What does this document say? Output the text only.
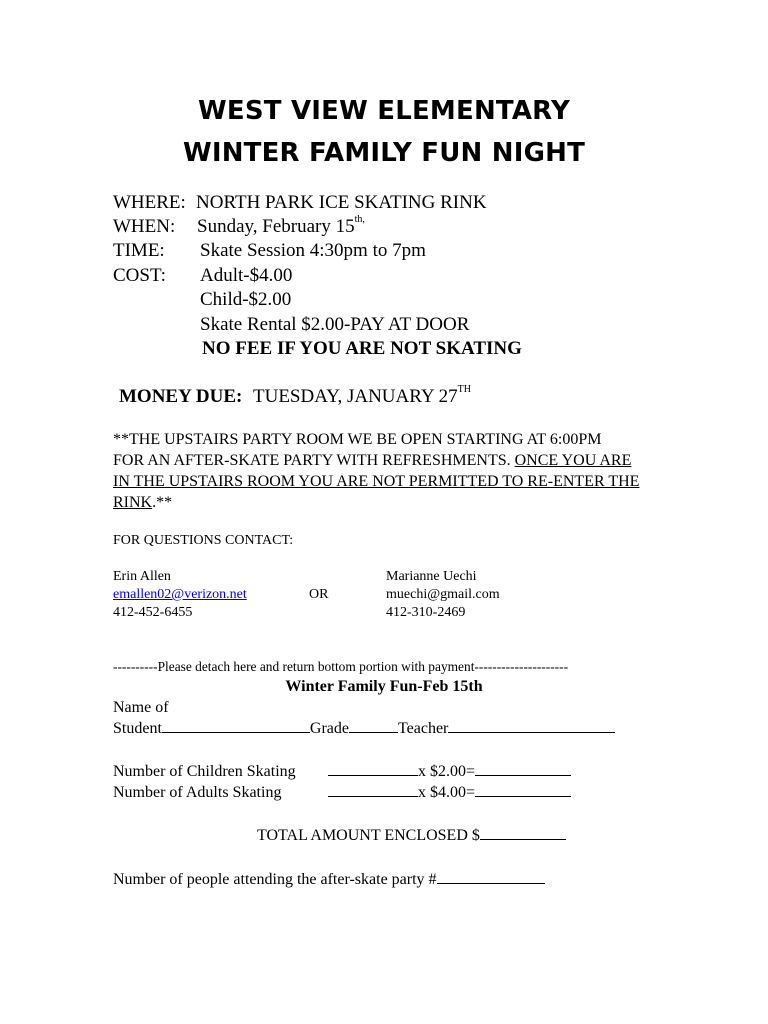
WEST VIEW ELEMENTARY
WINTER FAMILY FUN NIGHT
WHERE: NORTH PARK ICE SKATING RINK
WHEN: Sunday, February $15^{th,}$
TIME: Skate Session 4:30pm to 7pm
COST: Adult-$4.00
Child-$2.00
Skate Rental $2.00-PAY AT DOOR
NO FEE IF YOU ARE NOT SKATING
MONEY DUE: TUESDAY, JANUARY 27TH
**THE UPSTAIRS PARTY ROOM WE BE OPEN STARTING AT 6:00PM
FOR AN AFTER-SKATE PARTY WITH REFRESHMENTS. ONCE YOU ARE
IN THE UPSTAIRS ROOM YOU ARE NOT PERMITTED TO RE-ENTER THE
RINK.**
FOR QUESTIONS CONTACT:
Erin Allen
emallen02@verizon.net
412-452-6455
OR
Marianne Uechi
muechi@gmail.com
412-310-2469
----------Please detach here and return bottom portion with payment---------------------
Winter Family Fun-Feb 15th
Name of
Student	Grade	Teacher
Number of Children Skating	x $2.00=
Number of Adults Skating	x $4.00=
TOTAL AMOUNT ENCLOSED $
Number of people attending the after-skate party #
